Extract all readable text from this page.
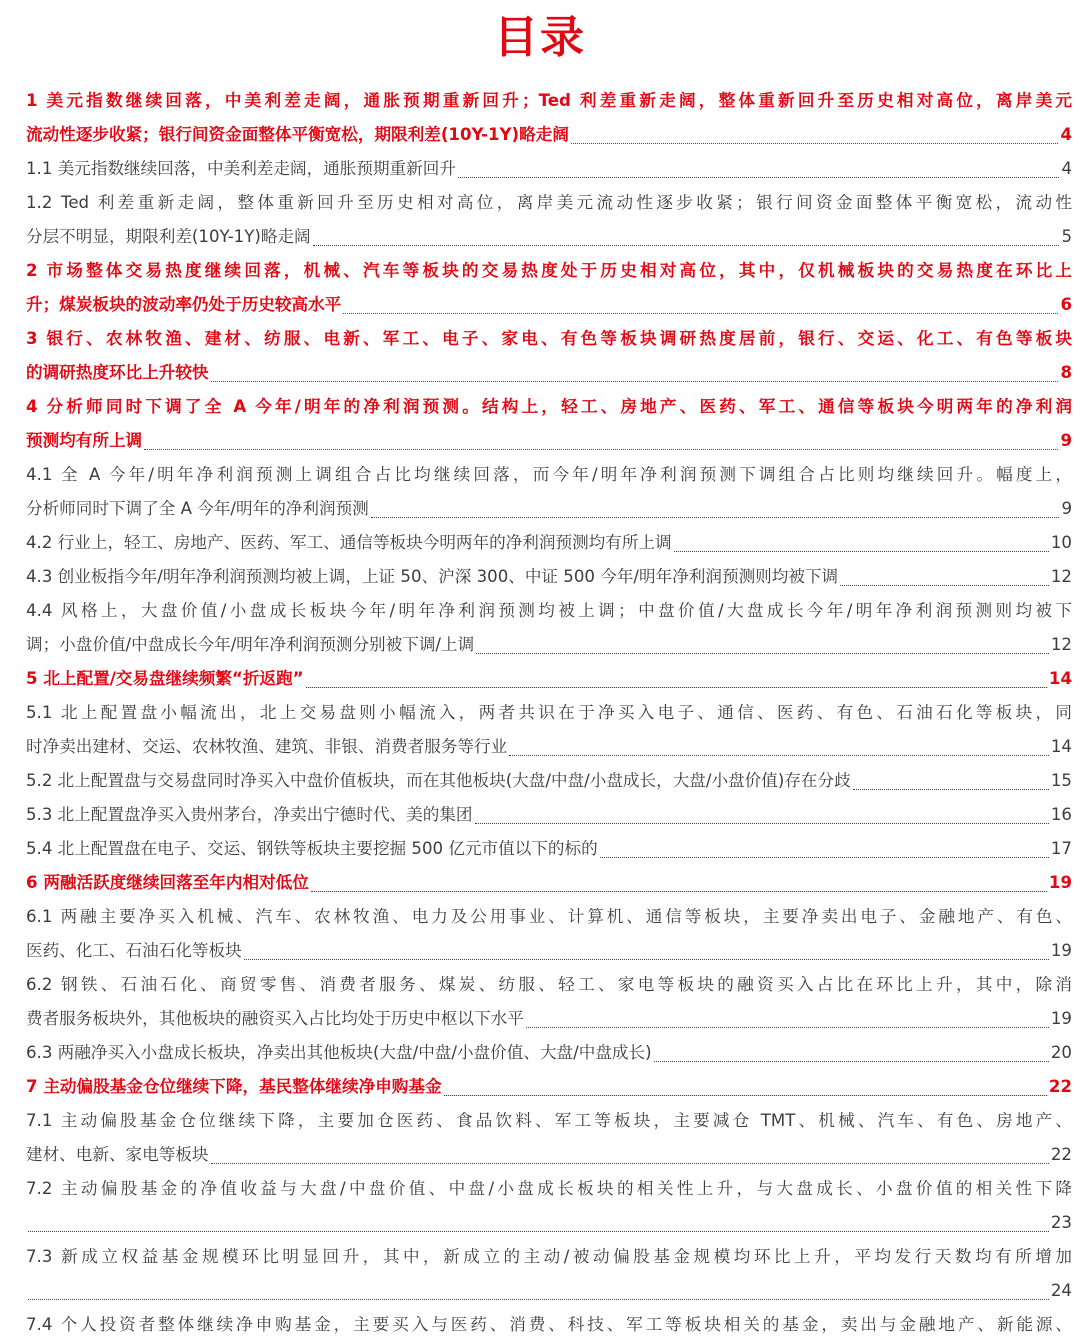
目录
1 美元指数继续回落，中美利差走阔，通胀预期重新回升；Ted 利差重新走阔，整体重新回升至历史相对高位，离岸美元
流动性逐步收紧；银行间资金面整体平衡宽松，期限利差(10Y-1Y)略走阔	4
1.1 美元指数继续回落，中美利差走阔，通胀预期重新回升	4
1.2 Ted 利差重新走阔，整体重新回升至历史相对高位，离岸美元流动性逐步收紧；银行间资金面整体平衡宽松，流动性
分层不明显，期限利差(10Y-1Y)略走阔	5
2 市场整体交易热度继续回落，机械、汽车等板块的交易热度处于历史相对高位，其中，仅机械板块的交易热度在环比上
升；煤炭板块的波动率仍处于历史较高水平	6
3 银行、农林牧渔、建材、纺服、电新、军工、电子、家电、有色等板块调研热度居前，银行、交运、化工、有色等板块
的调研热度环比上升较快	8
4 分析师同时下调了全 A 今年/明年的净利润预测。结构上，轻工、房地产、医药、军工、通信等板块今明两年的净利润
预测均有所上调	9
4.1 全 A 今年/明年净利润预测上调组合占比均继续回落，而今年/明年净利润预测下调组合占比则均继续回升。幅度上，
分析师同时下调了全 A 今年/明年的净利润预测	9
4.2 行业上，轻工、房地产、医药、军工、通信等板块今明两年的净利润预测均有所上调	10
4.3 创业板指今年/明年净利润预测均被上调，上证 50、沪深 300、中证 500 今年/明年净利润预测则均被下调	12
4.4 风格上，大盘价值/小盘成长板块今年/明年净利润预测均被上调；中盘价值/大盘成长今年/明年净利润预测则均被下
调；小盘价值/中盘成长今年/明年净利润预测分别被下调/上调	12
5 北上配置/交易盘继续频繁“折返跑”	14
5.1 北上配置盘小幅流出，北上交易盘则小幅流入，两者共识在于净买入电子、通信、医药、有色、石油石化等板块，同
时净卖出建材、交运、农林牧渔、建筑、非银、消费者服务等行业	14
5.2 北上配置盘与交易盘同时净买入中盘价值板块，而在其他板块(大盘/中盘/小盘成长，大盘/小盘价值)存在分歧	15
5.3 北上配置盘净买入贵州茅台，净卖出宁德时代、美的集团	16
5.4 北上配置盘在电子、交运、钢铁等板块主要挖掘 500 亿元市值以下的标的	17
6 两融活跃度继续回落至年内相对低位	19
6.1 两融主要净买入机械、汽车、农林牧渔、电力及公用事业、计算机、通信等板块，主要净卖出电子、金融地产、有色、
医药、化工、石油石化等板块	19
6.2 钢铁、石油石化、商贸零售、消费者服务、煤炭、纺服、轻工、家电等板块的融资买入占比在环比上升，其中，除消
费者服务板块外，其他板块的融资买入占比均处于历史中枢以下水平	19
6.3 两融净买入小盘成长板块，净卖出其他板块(大盘/中盘/小盘价值、大盘/中盘成长)	20
7 主动偏股基金仓位继续下降，基民整体继续净申购基金	22
7.1 主动偏股基金仓位继续下降，主要加仓医药、食品饮料、军工等板块，主要减仓 TMT、机械、汽车、有色、房地产、
建材、电新、家电等板块	22
7.2 主动偏股基金的净值收益与大盘/中盘价值、中盘/小盘成长板块的相关性上升，与大盘成长、小盘价值的相关性下降
23
7.3 新成立权益基金规模环比明显回升，其中，新成立的主动/被动偏股基金规模均环比上升，平均发行天数均有所增加
24
7.4 个人投资者整体继续净申购基金，主要买入与医药、消费、科技、军工等板块相关的基金，卖出与金融地产、新能源、
